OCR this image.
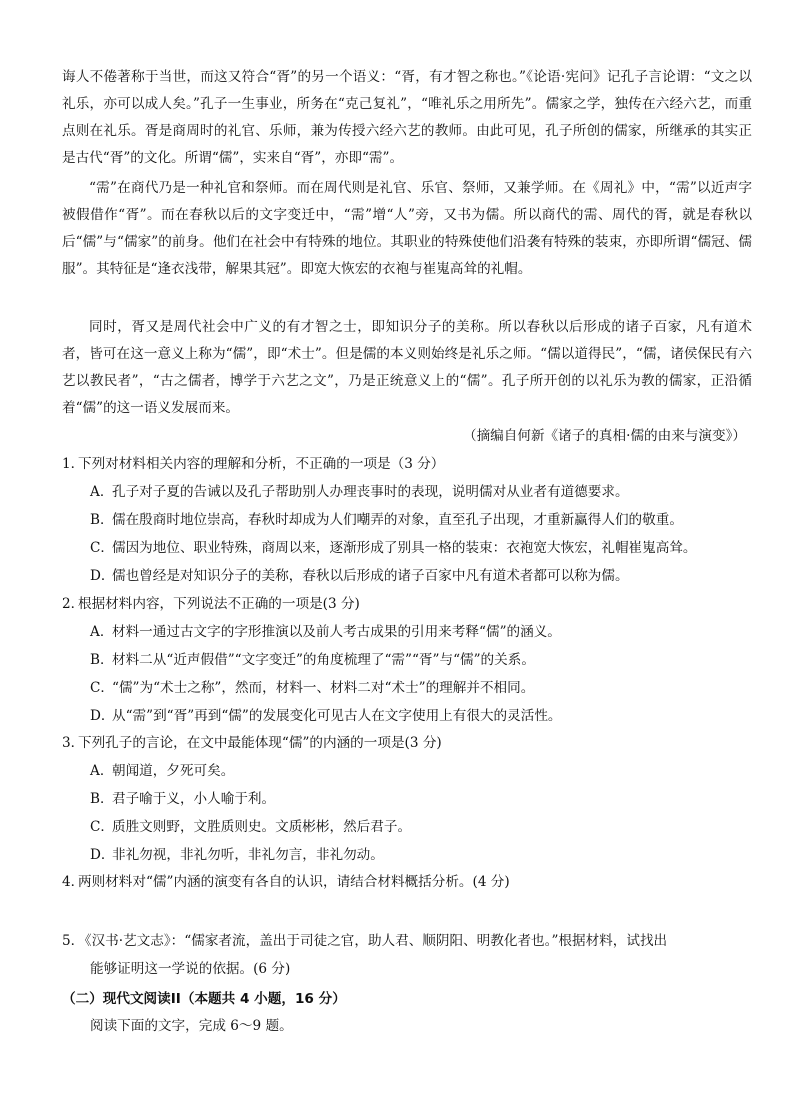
诲人不倦著称于当世，而这又符合“胥”的另一个语义：“胥，有才智之称也。”《论语·宪问》记孔子言论谓：“文之以礼乐，亦可以成人矣。”孔子一生事业，所务在“克己复礼”，“唯礼乐之用所先”。儒家之学，独传在六经六艺，而重点则在礼乐。胥是商周时的礼官、乐师，兼为传授六经六艺的教师。由此可见，孔子所创的儒家，所继承的其实正是古代“胥”的文化。所谓“儒”，实来自“胥”，亦即“需”。

“需”在商代乃是一种礼官和祭师。而在周代则是礼官、乐官、祭师，又兼学师。在《周礼》中，“需”以近声字被假借作“胥”。而在春秋以后的文字变迁中，“需”增“人”旁，又书为儒。所以商代的需、周代的胥，就是春秋以后“儒”与“儒家”的前身。他们在社会中有特殊的地位。其职业的特殊使他们沿袭有特殊的装束，亦即所谓“儒冠、儒服”。其特征是“逢衣浅带，解果其冠”。即宽大恢宏的衣袍与崔嵬高耸的礼帽。

同时，胥又是周代社会中广义的有才智之士，即知识分子的美称。所以春秋以后形成的诸子百家，凡有道术者，皆可在这一意义上称为“儒”，即“术士”。但是儒的本义则始终是礼乐之师。“儒以道得民”，“儒，诸侯保民有六艺以教民者”，“古之儒者，博学于六艺之文”，乃是正统意义上的“儒”。孔子所开创的以礼乐为教的儒家，正沿循着“儒”的这一语义发展而来。

（摘编自何新《诸子的真相·儒的由来与演变》）
1．下列对材料相关内容的理解和分析，不正确的一项是（3 分）
A．孔子对子夏的告诫以及孔子帮助别人办理丧事时的表现，说明儒对从业者有道德要求。
B．儒在殷商时地位崇高，春秋时却成为人们嘲弄的对象，直至孔子出现，才重新赢得人们的敬重。
C．儒因为地位、职业特殊，商周以来，逐渐形成了别具一格的装束：衣袍宽大恢宏，礼帽崔嵬高耸。
D．儒也曾经是对知识分子的美称，春秋以后形成的诸子百家中凡有道术者都可以称为儒。
2．根据材料内容，下列说法不正确的一项是(3 分)
A．材料一通过古文字的字形推演以及前人考古成果的引用来考释“儒”的涵义。
B．材料二从“近声假借”“文字变迁”的角度梳理了“需”“胥”与“儒”的关系。
C．“儒”为“术士之称”，然而，材料一、材料二对“术士”的理解并不相同。
D．从“需”到“胥”再到“儒”的发展变化可见古人在文字使用上有很大的灵活性。
3．下列孔子的言论，在文中最能体现“儒”的内涵的一项是(3 分)
A．朝闻道，夕死可矣。
B．君子喻于义，小人喻于利。
C．质胜文则野，文胜质则史。文质彬彬，然后君子。
D．非礼勿视，非礼勿听，非礼勿言，非礼勿动。
4．两则材料对“儒”内涵的演变有各自的认识，请结合材料概括分析。(4 分)
5．《汉书·艺文志》：“儒家者流，盖出于司徒之官，助人君、顺阴阳、明教化者也。”根据材料，试找出
能够证明这一学说的依据。(6 分)
（二）现代文阅读II（本题共 4 小题，16 分）
阅读下面的文字，完成 6～9 题。
